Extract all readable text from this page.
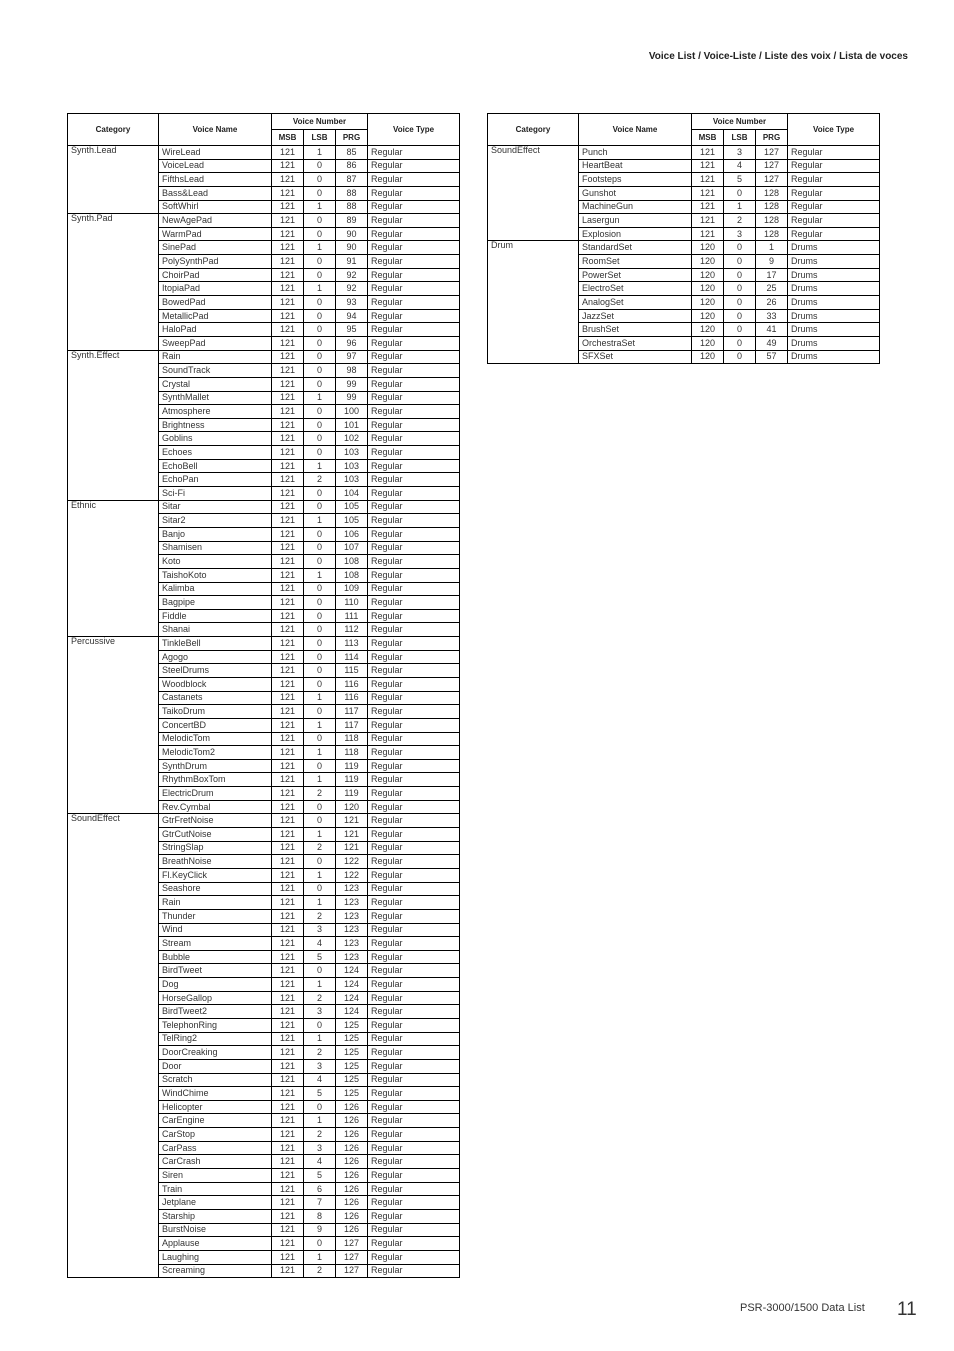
Voice List / Voice-Liste / Liste des voix / Lista de voces
Category	Voice Name	Voice Number			Voice Type
		MSB	LSB	PRG	
Synth.Lead	WireLead	121	1	85	Regular
	VoiceLead	121	0	86	Regular
	FifthsLead	121	0	87	Regular
	Bass&Lead	121	0	88	Regular
	SoftWhirl	121	1	88	Regular
Synth.Pad	NewAgePad	121	0	89	Regular
	WarmPad	121	0	90	Regular
	SinePad	121	1	90	Regular
	PolySynthPad	121	0	91	Regular
	ChoirPad	121	0	92	Regular
	ItopiaPad	121	1	92	Regular
	BowedPad	121	0	93	Regular
	MetallicPad	121	0	94	Regular
	HaloPad	121	0	95	Regular
	SweepPad	121	0	96	Regular
Synth.Effect	Rain	121	0	97	Regular
	SoundTrack	121	0	98	Regular
	Crystal	121	0	99	Regular
	SynthMallet	121	1	99	Regular
	Atmosphere	121	0	100	Regular
	Brightness	121	0	101	Regular
	Goblins	121	0	102	Regular
	Echoes	121	0	103	Regular
	EchoBell	121	1	103	Regular
	EchoPan	121	2	103	Regular
	Sci-Fi	121	0	104	Regular
Ethnic	Sitar	121	0	105	Regular
	Sitar2	121	1	105	Regular
	Banjo	121	0	106	Regular
	Shamisen	121	0	107	Regular
	Koto	121	0	108	Regular
	TaishoKoto	121	1	108	Regular
	Kalimba	121	0	109	Regular
	Bagpipe	121	0	110	Regular
	Fiddle	121	0	111	Regular
	Shanai	121	0	112	Regular
Percussive	TinkleBell	121	0	113	Regular
	Agogo	121	0	114	Regular
	SteelDrums	121	0	115	Regular
	Woodblock	121	0	116	Regular
	Castanets	121	1	116	Regular
	TaikoDrum	121	0	117	Regular
	ConcertBD	121	1	117	Regular
	MelodicTom	121	0	118	Regular
	MelodicTom2	121	1	118	Regular
	SynthDrum	121	0	119	Regular
	RhythmBoxTom	121	1	119	Regular
	ElectricDrum	121	2	119	Regular
	Rev.Cymbal	121	0	120	Regular
SoundEffect	GtrFretNoise	121	0	121	Regular
	GtrCutNoise	121	1	121	Regular
	StringSlap	121	2	121	Regular
	BreathNoise	121	0	122	Regular
	Fl.KeyClick	121	1	122	Regular
	Seashore	121	0	123	Regular
	Rain	121	1	123	Regular
	Thunder	121	2	123	Regular
	Wind	121	3	123	Regular
	Stream	121	4	123	Regular
	Bubble	121	5	123	Regular
	BirdTweet	121	0	124	Regular
	Dog	121	1	124	Regular
	HorseGallop	121	2	124	Regular
	BirdTweet2	121	3	124	Regular
	TelephonRing	121	0	125	Regular
	TelRing2	121	1	125	Regular
	DoorCreaking	121	2	125	Regular
	Door	121	3	125	Regular
	Scratch	121	4	125	Regular
	WindChime	121	5	125	Regular
	Helicopter	121	0	126	Regular
	CarEngine	121	1	126	Regular
	CarStop	121	2	126	Regular
	CarPass	121	3	126	Regular
	CarCrash	121	4	126	Regular
	Siren	121	5	126	Regular
	Train	121	6	126	Regular
	Jetplane	121	7	126	Regular
	Starship	121	8	126	Regular
	BurstNoise	121	9	126	Regular
	Applause	121	0	127	Regular
	Laughing	121	1	127	Regular
	Screaming	121	2	127	Regular
Category	Voice Name	Voice Number			Voice Type
		MSB	LSB	PRG	
SoundEffect	Punch	121	3	127	Regular
	HeartBeat	121	4	127	Regular
	Footsteps	121	5	127	Regular
	Gunshot	121	0	128	Regular
	MachineGun	121	1	128	Regular
	Lasergun	121	2	128	Regular
	Explosion	121	3	128	Regular
Drum	StandardSet	120	0	1	Drums
	RoomSet	120	0	9	Drums
	PowerSet	120	0	17	Drums
	ElectroSet	120	0	25	Drums
	AnalogSet	120	0	26	Drums
	JazzSet	120	0	33	Drums
	BrushSet	120	0	41	Drums
	OrchestraSet	120	0	49	Drums
	SFXSet	120	0	57	Drums
PSR-3000/1500 Data List 11
